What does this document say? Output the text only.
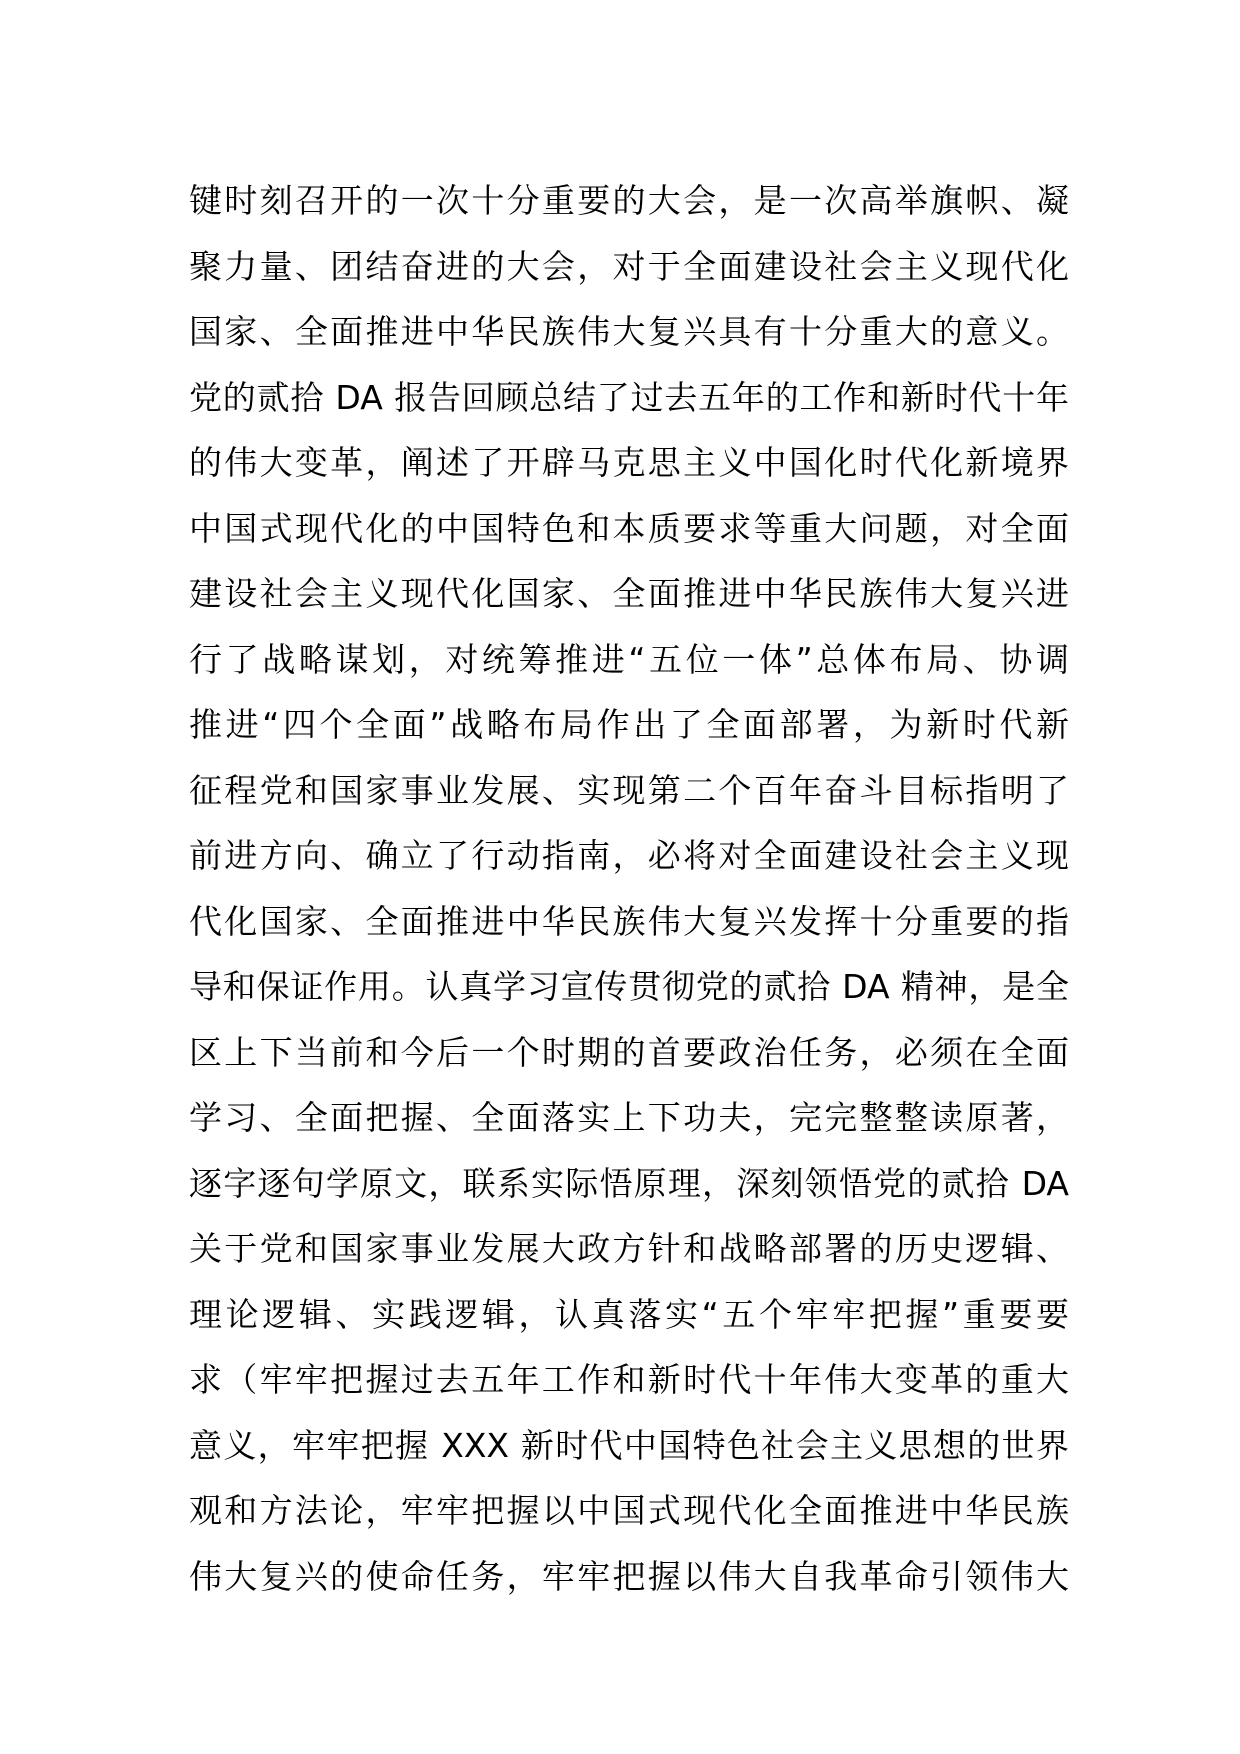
键时刻召开的一次十分重要的大会，是一次高举旗帜、凝
聚力量、团结奋进的大会，对于全面建设社会主义现代化
国家、全面推进中华民族伟大复兴具有十分重大的意义。
党的贰拾 DA 报告回顾总结了过去五年的工作和新时代十年
的伟大变革，阐述了开辟马克思主义中国化时代化新境界
中国式现代化的中国特色和本质要求等重大问题，对全面
建设社会主义现代化国家、全面推进中华民族伟大复兴进
行了战略谋划，对统筹推进“五位一体”总体布局、协调
推进“四个全面”战略布局作出了全面部署，为新时代新
征程党和国家事业发展、实现第二个百年奋斗目标指明了
前进方向、确立了行动指南，必将对全面建设社会主义现
代化国家、全面推进中华民族伟大复兴发挥十分重要的指
导和保证作用。认真学习宣传贯彻党的贰拾 DA 精神，是全
区上下当前和今后一个时期的首要政治任务，必须在全面
学习、全面把握、全面落实上下功夫，完完整整读原著，
逐字逐句学原文，联系实际悟原理，深刻领悟党的贰拾 DA
关于党和国家事业发展大政方针和战略部署的历史逻辑、
理论逻辑、实践逻辑，认真落实“五个牢牢把握”重要要
求（牢牢把握过去五年工作和新时代十年伟大变革的重大
意义，牢牢把握 XXX 新时代中国特色社会主义思想的世界
观和方法论，牢牢把握以中国式现代化全面推进中华民族
伟大复兴的使命任务，牢牢把握以伟大自我革命引领伟大
